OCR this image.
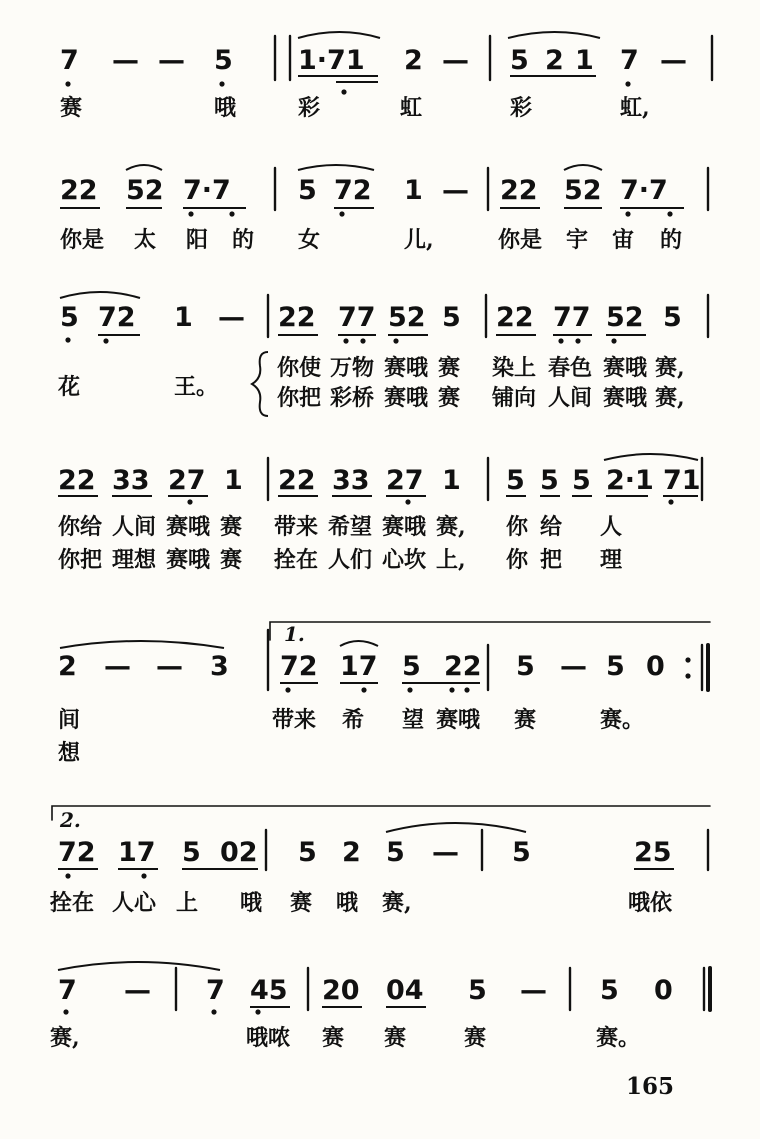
7 — — 5 1·71 2 — 5 2 1 7 —
赛	哦	彩	虹	彩	虹,
22 52 7·7 5 72 1 — 22 52 7·7
你是 太 阳 的 女	儿,	你是 宇 宙 的
5 72 1 — 22 77 52 5 22 77 52 5
花	王。
你使 万物 赛哦 赛 染上 春色 赛哦 赛,
你把 彩桥 赛哦 赛 铺向 人间 赛哦 赛,
22 33 27 1 22 33 27 1 5 5 5 2·1 71
你给 人间 赛哦 赛 带来 希望 赛哦 赛, 你 给 人
你把 理想 赛哦 赛 拴在 人们 心坎 上, 你 把 理
1.
2 — — 3 72 17 5 22 5 — 5 0
间	带来 希 望 赛哦 赛	赛。
想
2.
72 17 5 02 5 2 5 — 5	25
拴在 人心 上 哦 赛 哦 赛,	哦依
7 — 7 45 20 04 5 — 5 0
赛,	哦哝 赛 赛	赛	赛。
165
